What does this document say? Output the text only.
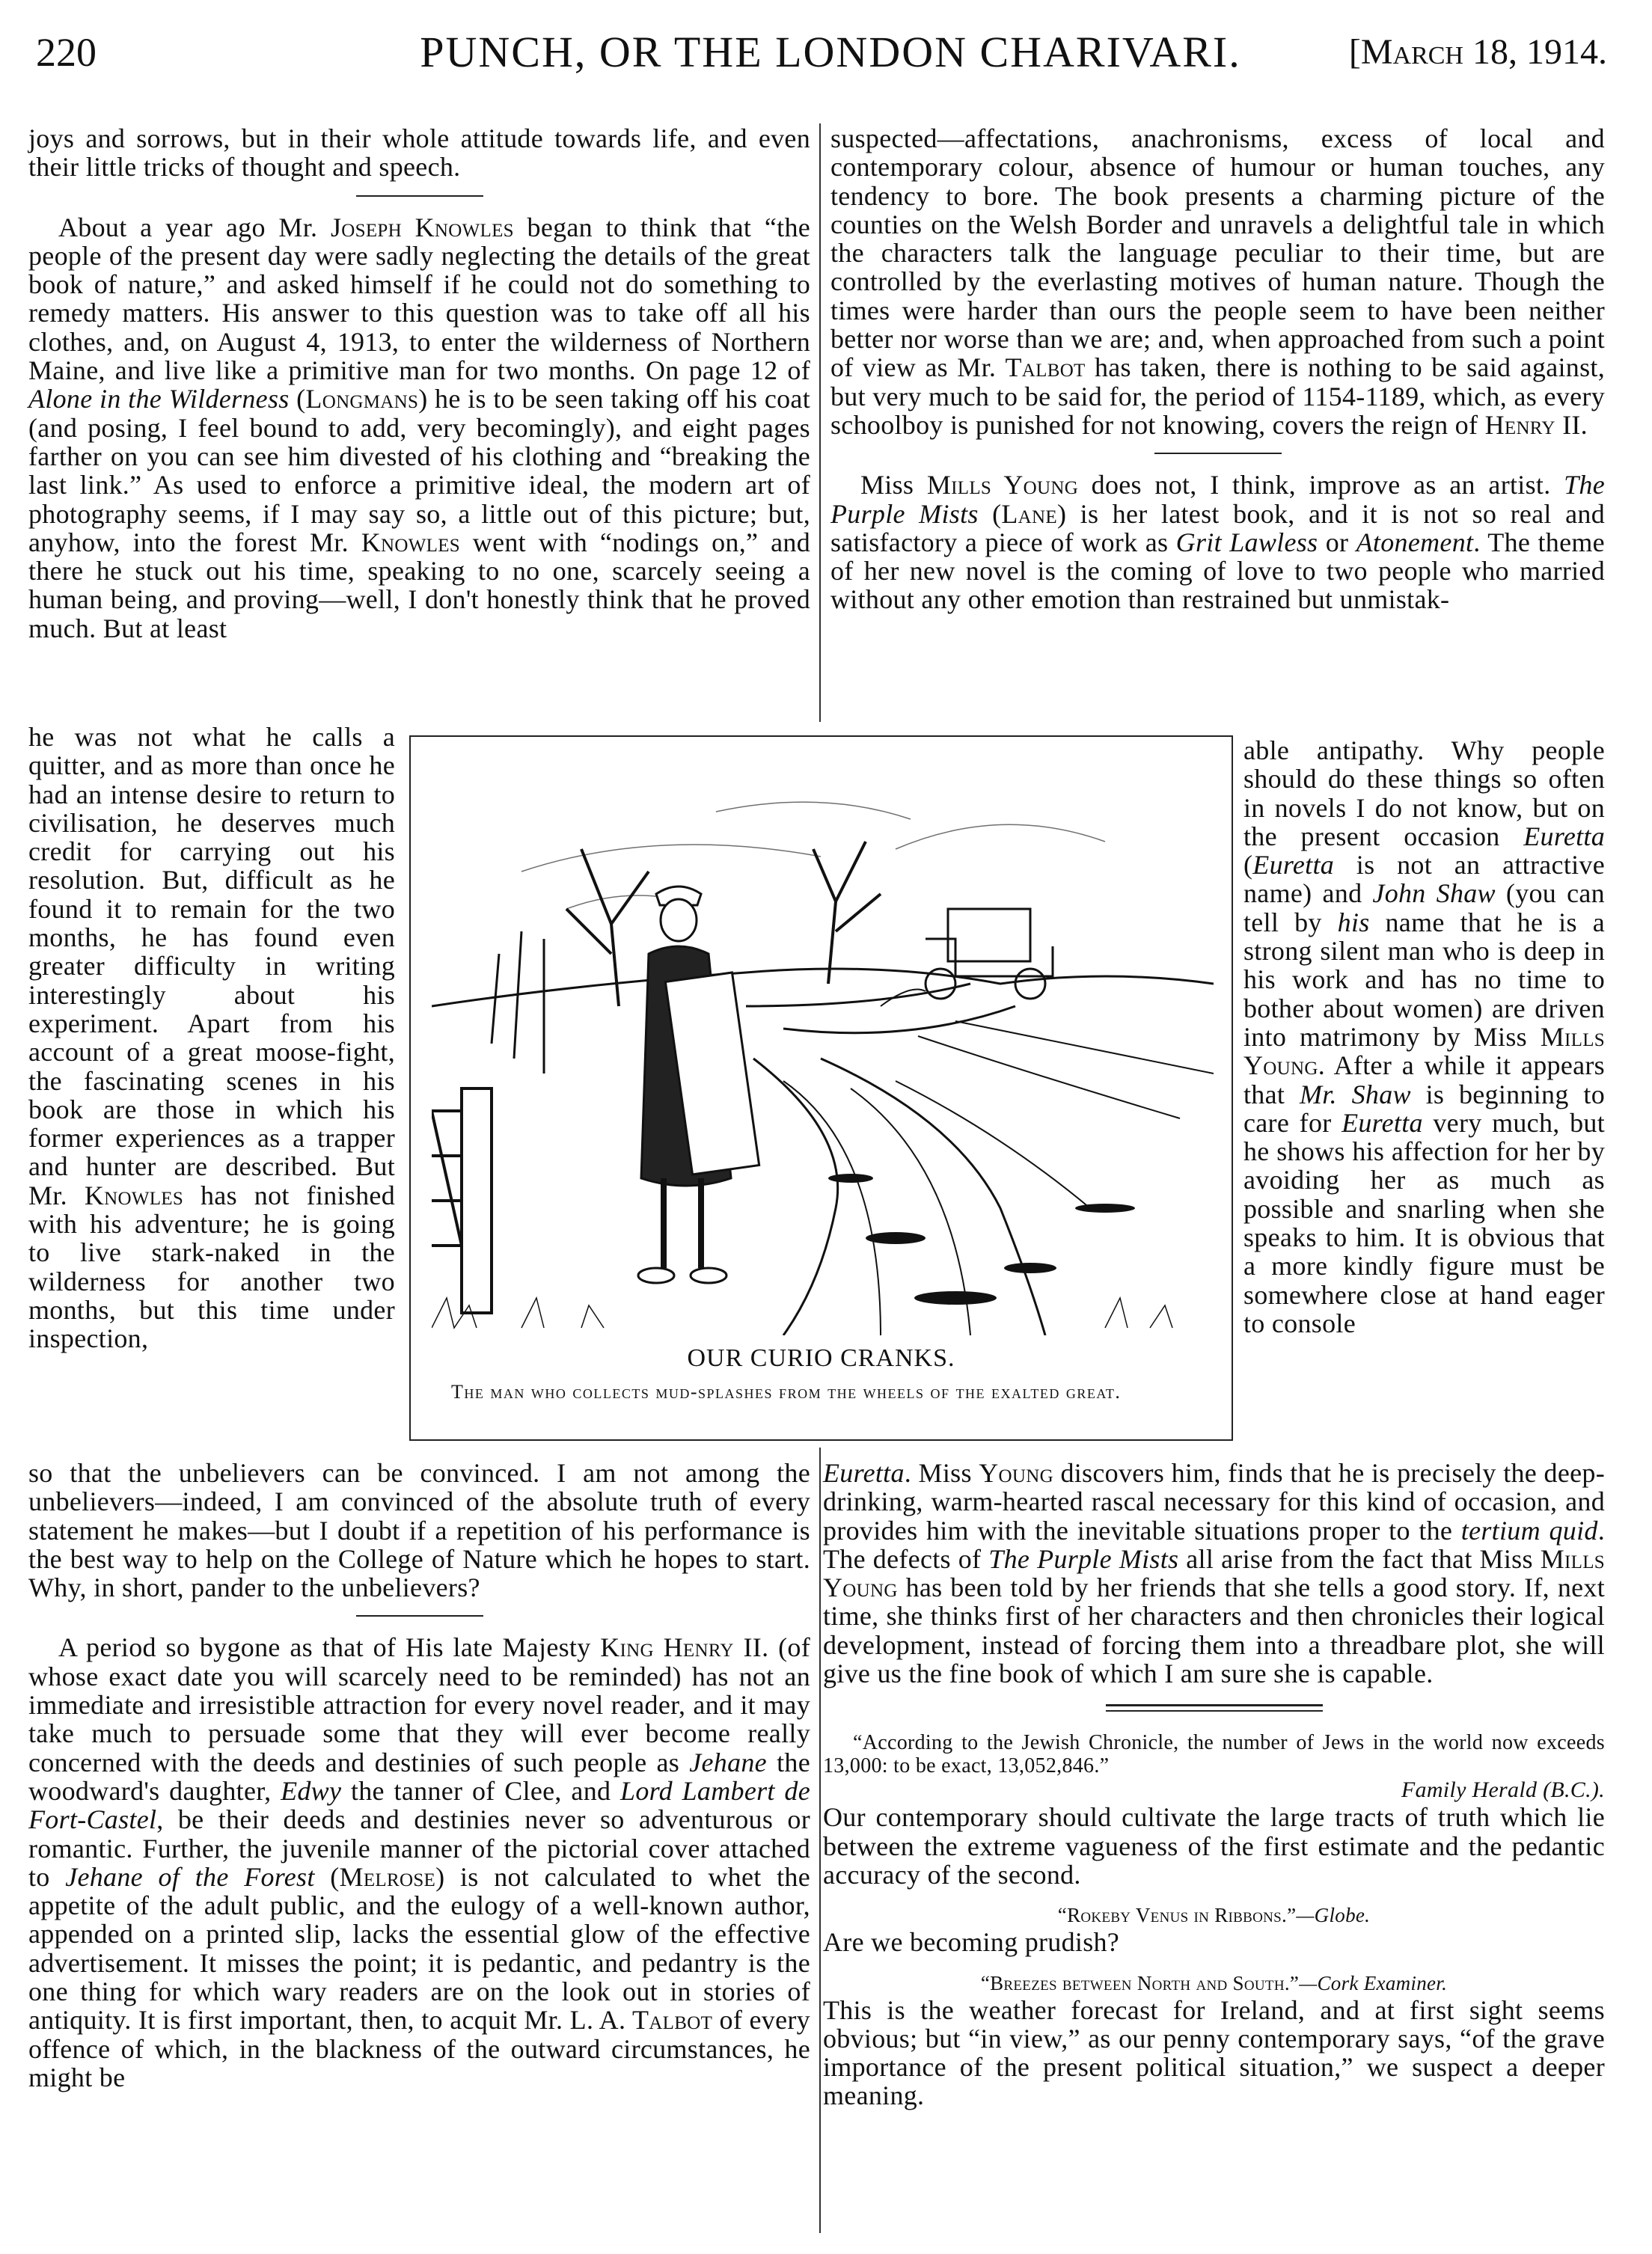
220	PUNCH, OR THE LONDON CHARIVARI.	[March 18, 1914.

joys and sorrows, but in their whole attitude towards life, and even their little tricks of thought and speech.

About a year ago Mr. Joseph Knowles began to think that “the people of the present day were sadly neglecting the details of the great book of nature,” and asked himself if he could not do something to remedy matters. His answer to this question was to take off all his clothes, and, on August 4, 1913, to enter the wilderness of Northern Maine, and live like a primitive man for two months. On page 12 of Alone in the Wilderness (Longmans) he is to be seen taking off his coat (and posing, I feel bound to add, very becomingly), and eight pages farther on you can see him divested of his clothing and “breaking the last link.” As used to enforce a primitive ideal, the modern art of photography seems, if I may say so, a little out of this picture; but, anyhow, into the forest Mr. Knowles went with “nodings on,” and there he stuck out his time, speaking to no one, scarcely seeing a human being, and proving—well, I don't honestly think that he proved much. But at least

he was not what he calls a quitter, and as more than once he had an intense desire to return to civilisation, he deserves much credit for carrying out his resolution. But, difficult as he found it to remain for the two months, he has found even greater difficulty in writing interestingly about his experiment. Apart from his account of a great moose-fight, the fascinating scenes in his book are those in which his former experiences as a trapper and hunter are described. But Mr. Knowles has not finished with his adventure; he is going to live stark-naked in the wilderness for another two months, but this time under inspection,

so that the unbelievers can be convinced. I am not among the unbelievers—indeed, I am convinced of the absolute truth of every statement he makes—but I doubt if a repetition of his performance is the best way to help on the College of Nature which he hopes to start. Why, in short, pander to the unbelievers?

A period so bygone as that of His late Majesty King Henry II. (of whose exact date you will scarcely need to be reminded) has not an immediate and irresistible attraction for every novel reader, and it may take much to persuade some that they will ever become really concerned with the deeds and destinies of such people as Jehane the woodward's daughter, Edwy the tanner of Clee, and Lord Lambert de Fort-Castel, be their deeds and destinies never so adventurous or romantic. Further, the juvenile manner of the pictorial cover attached to Jehane of the Forest (Melrose) is not calculated to whet the appetite of the adult public, and the eulogy of a well-known author, appended on a printed slip, lacks the essential glow of the effective advertisement. It misses the point; it is pedantic, and pedantry is the one thing for which wary readers are on the look out in stories of antiquity. It is first important, then, to acquit Mr. L. A. Talbot of every offence of which, in the blackness of the outward circumstances, he might be

suspected—affectations, anachronisms, excess of local and contemporary colour, absence of humour or human touches, any tendency to bore. The book presents a charming picture of the counties on the Welsh Border and unravels a delightful tale in which the characters talk the language peculiar to their time, but are controlled by the everlasting motives of human nature. Though the times were harder than ours the people seem to have been neither better nor worse than we are; and, when approached from such a point of view as Mr. Talbot has taken, there is nothing to be said against, but very much to be said for, the period of 1154-1189, which, as every schoolboy is punished for not knowing, covers the reign of Henry II.

Miss Mills Young does not, I think, improve as an artist. The Purple Mists (Lane) is her latest book, and it is not so real and satisfactory a piece of work as Grit Lawless or Atonement. The theme of her new novel is the coming of love to two people who married without any other emotion than restrained but unmistak-

able antipathy. Why people should do these things so often in novels I do not know, but on the present occasion Euretta (Euretta is not an attractive name) and John Shaw (you can tell by his name that he is a strong silent man who is deep in his work and has no time to bother about women) are driven into matrimony by Miss Mills Young. After a while it appears that Mr. Shaw is beginning to care for Euretta very much, but he shows his affection for her by avoiding her as much as possible and snarling when she speaks to him. It is obvious that a more kindly figure must be somewhere close at hand eager to console

Euretta. Miss Young discovers him, finds that he is precisely the deep-drinking, warm-hearted rascal necessary for this kind of occasion, and provides him with the inevitable situations proper to the tertium quid. The defects of The Purple Mists all arise from the fact that Miss Mills Young has been told by her friends that she tells a good story. If, next time, she thinks first of her characters and then chronicles their logical development, instead of forcing them into a threadbare plot, she will give us the fine book of which I am sure she is capable.

“According to the Jewish Chronicle, the number of Jews in the world now exceeds 13,000: to be exact, 13,052,846.”
Family Herald (B.C.).

Our contemporary should cultivate the large tracts of truth which lie between the extreme vagueness of the first estimate and the pedantic accuracy of the second.

“Rokeby Venus in Ribbons.”—Globe.

Are we becoming prudish?

“Breezes between North and South.”—Cork Examiner.

This is the weather forecast for Ireland, and at first sight seems obvious; but “in view,” as our penny contemporary says, “of the grave importance of the present political situation,” we suspect a deeper meaning.

OUR CURIO CRANKS.
The man who collects mud-splashes from the wheels of the exalted great.
